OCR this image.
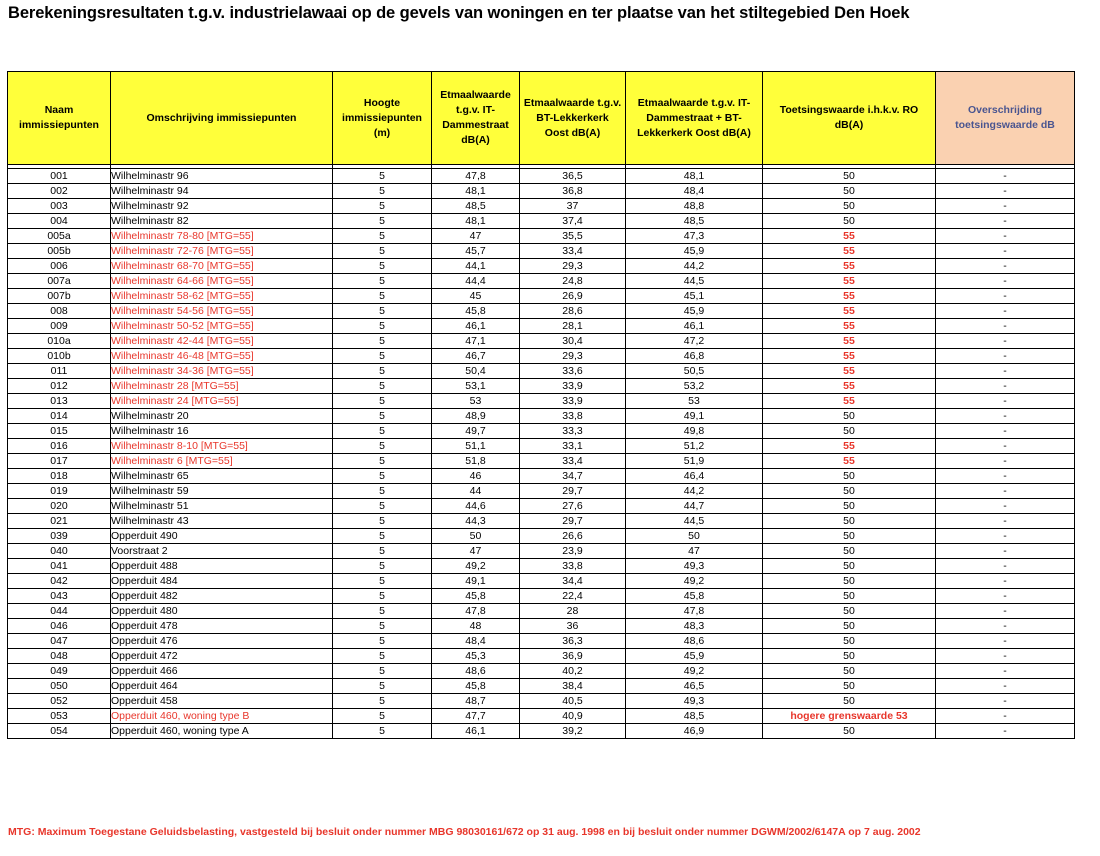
Berekeningsresultaten t.g.v. industrielawaai op de gevels van woningen en ter plaatse van het stiltegebied Den Hoek
Naam immissiepunten	Omschrijving immissiepunten	Hoogte immissiepunten (m)	Etmaalwaarde t.g.v. IT-Dammestraat dB(A)	Etmaalwaarde t.g.v. BT-Lekkerkerk Oost dB(A)	Etmaalwaarde t.g.v. IT-Dammestraat + BT-Lekkerkerk Oost dB(A)	Toetsingswaarde i.h.k.v. RO dB(A)	Overschrijding toetsingswaarde dB

001	Wilhelminastr 96	5	47,8	36,5	48,1	50	-
002	Wilhelminastr 94	5	48,1	36,8	48,4	50	-
003	Wilhelminastr 92	5	48,5	37	48,8	50	-
004	Wilhelminastr 82	5	48,1	37,4	48,5	50	-
005a	Wilhelminastr 78-80 [MTG=55]	5	47	35,5	47,3	55	-
005b	Wilhelminastr 72-76 [MTG=55]	5	45,7	33,4	45,9	55	-
006	Wilhelminastr 68-70 [MTG=55]	5	44,1	29,3	44,2	55	-
007a	Wilhelminastr 64-66 [MTG=55]	5	44,4	24,8	44,5	55	-
007b	Wilhelminastr 58-62 [MTG=55]	5	45	26,9	45,1	55	-
008	Wilhelminastr 54-56 [MTG=55]	5	45,8	28,6	45,9	55	-
009	Wilhelminastr 50-52 [MTG=55]	5	46,1	28,1	46,1	55	-
010a	Wilhelminastr 42-44 [MTG=55]	5	47,1	30,4	47,2	55	-
010b	Wilhelminastr 46-48 [MTG=55]	5	46,7	29,3	46,8	55	-
011	Wilhelminastr 34-36 [MTG=55]	5	50,4	33,6	50,5	55	-
012	Wilhelminastr 28 [MTG=55]	5	53,1	33,9	53,2	55	-
013	Wilhelminastr 24 [MTG=55]	5	53	33,9	53	55	-
014	Wilhelminastr 20	5	48,9	33,8	49,1	50	-
015	Wilhelminastr 16	5	49,7	33,3	49,8	50	-
016	Wilhelminastr 8-10 [MTG=55]	5	51,1	33,1	51,2	55	-
017	Wilhelminastr 6 [MTG=55]	5	51,8	33,4	51,9	55	-
018	Wilhelminastr 65	5	46	34,7	46,4	50	-
019	Wilhelminastr 59	5	44	29,7	44,2	50	-
020	Wilhelminastr 51	5	44,6	27,6	44,7	50	-
021	Wilhelminastr 43	5	44,3	29,7	44,5	50	-
039	Opperduit 490	5	50	26,6	50	50	-
040	Voorstraat 2	5	47	23,9	47	50	-
041	Opperduit 488	5	49,2	33,8	49,3	50	-
042	Opperduit 484	5	49,1	34,4	49,2	50	-
043	Opperduit 482	5	45,8	22,4	45,8	50	-
044	Opperduit 480	5	47,8	28	47,8	50	-
046	Opperduit 478	5	48	36	48,3	50	-
047	Opperduit 476	5	48,4	36,3	48,6	50	-
048	Opperduit 472	5	45,3	36,9	45,9	50	-
049	Opperduit 466	5	48,6	40,2	49,2	50	-
050	Opperduit 464	5	45,8	38,4	46,5	50	-
052	Opperduit 458	5	48,7	40,5	49,3	50	-
053	Opperduit 460, woning type B	5	47,7	40,9	48,5	hogere grenswaarde 53	-
054	Opperduit 460, woning type A	5	46,1	39,2	46,9	50	-
MTG: Maximum Toegestane Geluidsbelasting, vastgesteld bij besluit onder nummer MBG 98030161/672 op 31 aug. 1998 en bij besluit onder nummer DGWM/2002/6147A op 7 aug. 2002
